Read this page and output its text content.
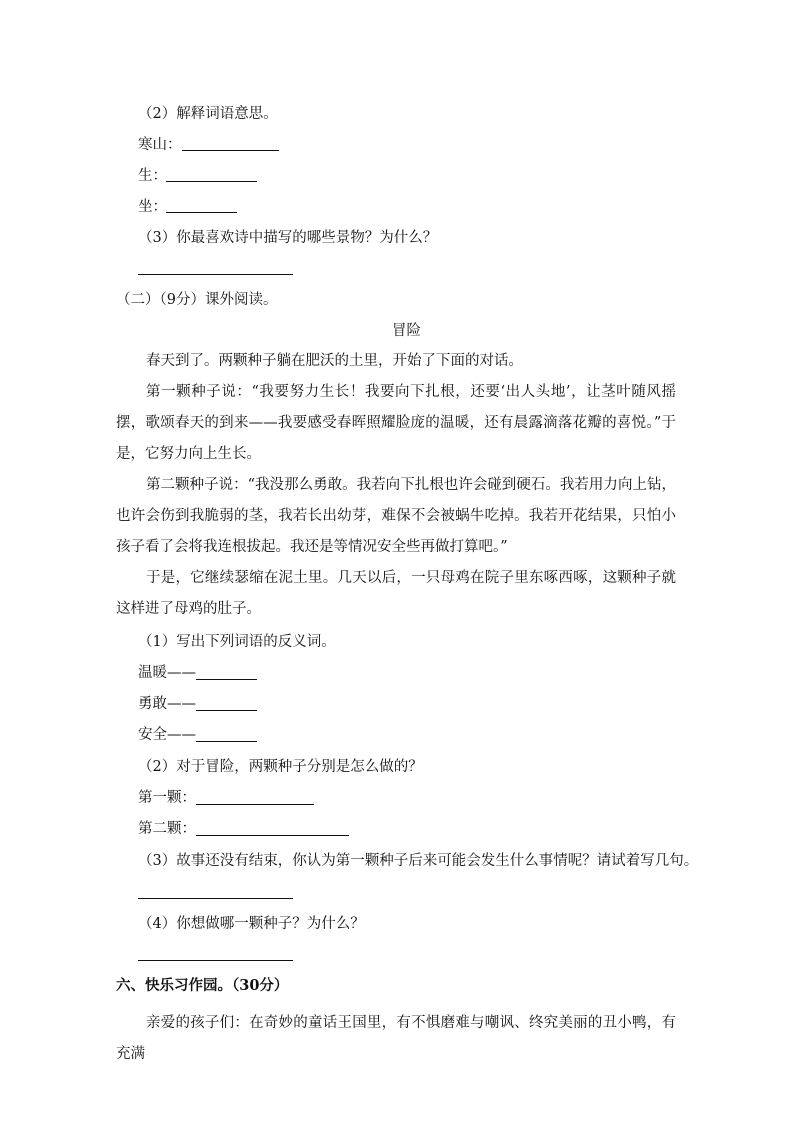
（2）解释词语意思。
寒山：
生：
坐：
（3）你最喜欢诗中描写的哪些景物？为什么？
（二）（9分）课外阅读。
冒险
春天到了。两颗种子躺在肥沃的土里，开始了下面的对话。
第一颗种子说：“我要努力生长！我要向下扎根，还要‘出人头地’，让茎叶随风摇摆，歌颂春天的到来——我要感受春晖照耀脸庞的温暖，还有晨露滴落花瓣的喜悦。”于是，它努力向上生长。
第二颗种子说：“我没那么勇敢。我若向下扎根也许会碰到硬石。我若用力向上钻，也许会伤到我脆弱的茎，我若长出幼芽，难保不会被蜗牛吃掉。我若开花结果，只怕小孩子看了会将我连根拔起。我还是等情况安全些再做打算吧。”
于是，它继续瑟缩在泥土里。几天以后，一只母鸡在院子里东啄西啄，这颗种子就这样进了母鸡的肚子。
（1）写出下列词语的反义词。
温暖——
勇敢——
安全——
（2）对于冒险，两颗种子分别是怎么做的？
第一颗：
第二颗：
（3）故事还没有结束，你认为第一颗种子后来可能会发生什么事情呢？请试着写几句。
（4）你想做哪一颗种子？为什么？
六、快乐习作园。（30分）
亲爱的孩子们：在奇妙的童话王国里，有不惧磨难与嘲讽、终究美丽的丑小鸭，有充满
